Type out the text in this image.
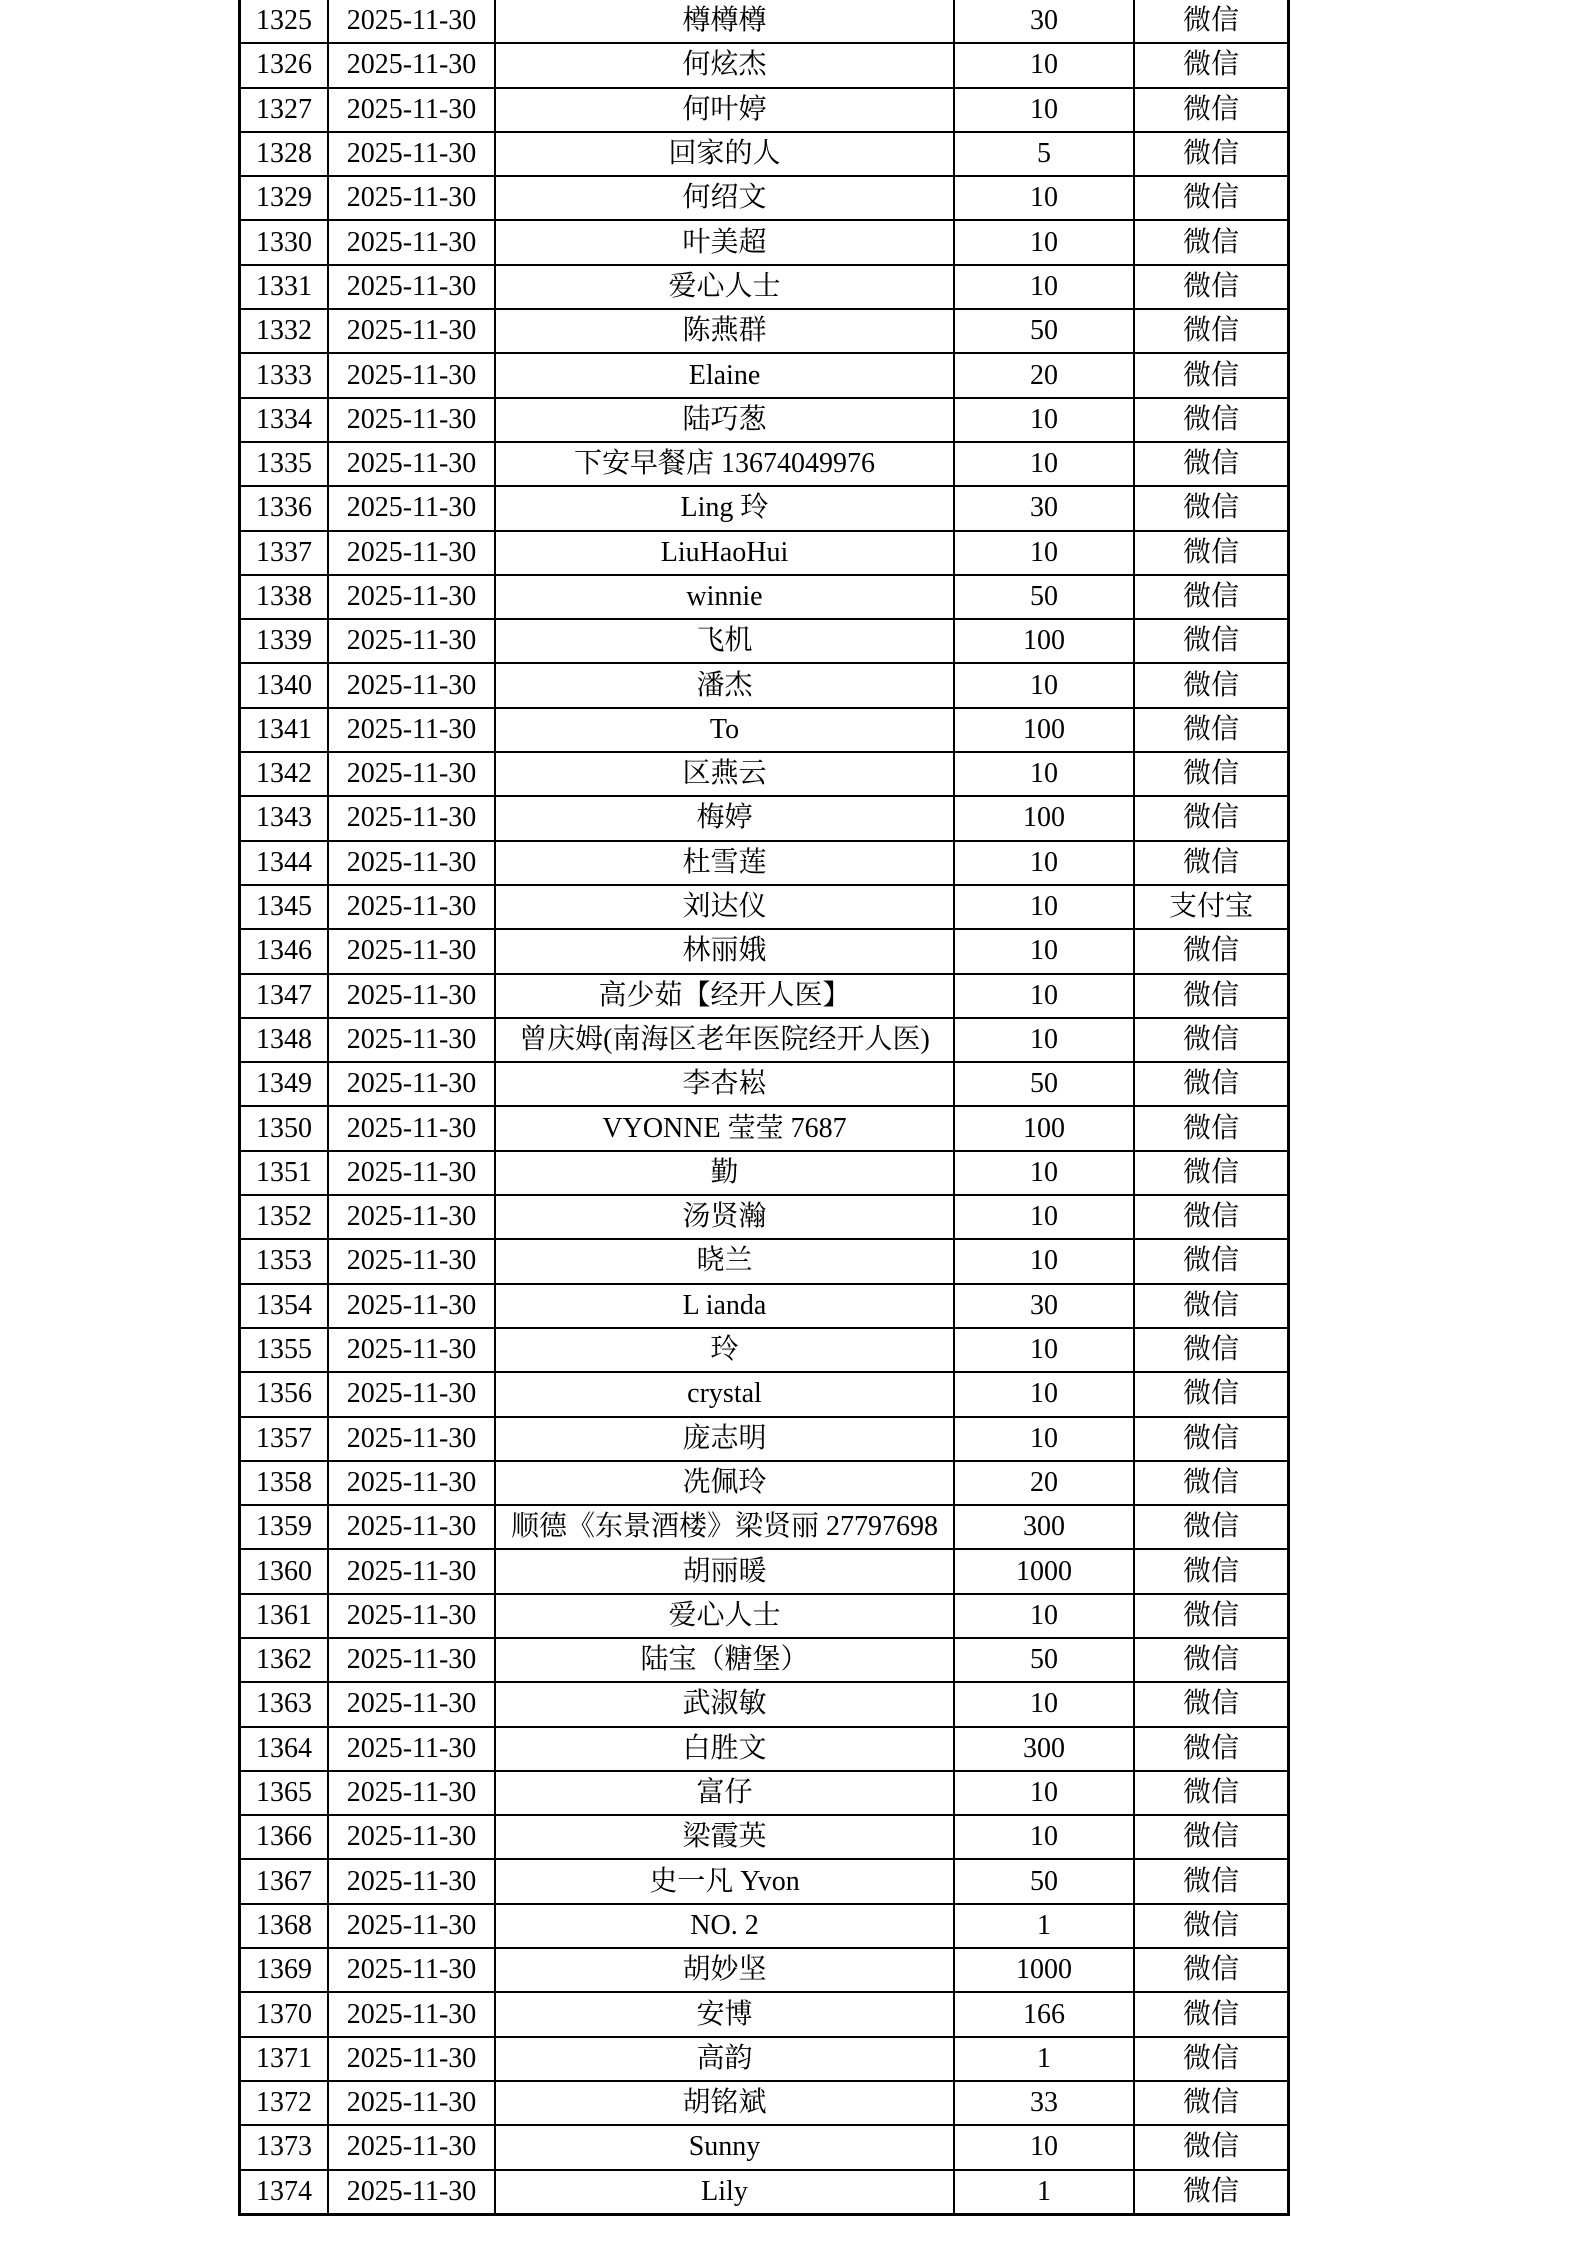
1325	2025-11-30	樽樽樽	30	微信
1326	2025-11-30	何炫杰	10	微信
1327	2025-11-30	何叶婷	10	微信
1328	2025-11-30	回家的人	5	微信
1329	2025-11-30	何绍文	10	微信
1330	2025-11-30	叶美超	10	微信
1331	2025-11-30	爱心人士	10	微信
1332	2025-11-30	陈燕群	50	微信
1333	2025-11-30	Elaine	20	微信
1334	2025-11-30	陆巧葱	10	微信
1335	2025-11-30	下安早餐店 13674049976	10	微信
1336	2025-11-30	Ling 玲	30	微信
1337	2025-11-30	LiuHaoHui	10	微信
1338	2025-11-30	winnie	50	微信
1339	2025-11-30	飞机	100	微信
1340	2025-11-30	潘杰	10	微信
1341	2025-11-30	To	100	微信
1342	2025-11-30	区燕云	10	微信
1343	2025-11-30	梅婷	100	微信
1344	2025-11-30	杜雪莲	10	微信
1345	2025-11-30	刘达仪	10	支付宝
1346	2025-11-30	林丽娥	10	微信
1347	2025-11-30	高少茹【经开人医】	10	微信
1348	2025-11-30	曾庆姆(南海区老年医院经开人医)	10	微信
1349	2025-11-30	李杏崧	50	微信
1350	2025-11-30	VYONNE 莹莹 7687	100	微信
1351	2025-11-30	勤	10	微信
1352	2025-11-30	汤贤瀚	10	微信
1353	2025-11-30	晓兰	10	微信
1354	2025-11-30	L ianda	30	微信
1355	2025-11-30	玲	10	微信
1356	2025-11-30	crystal	10	微信
1357	2025-11-30	庞志明	10	微信
1358	2025-11-30	冼佩玲	20	微信
1359	2025-11-30	顺德《东景酒楼》梁贤丽 27797698	300	微信
1360	2025-11-30	胡丽暖	1000	微信
1361	2025-11-30	爱心人士	10	微信
1362	2025-11-30	陆宝（糖堡）	50	微信
1363	2025-11-30	武淑敏	10	微信
1364	2025-11-30	白胜文	300	微信
1365	2025-11-30	富仔	10	微信
1366	2025-11-30	梁霞英	10	微信
1367	2025-11-30	史一凡 Yvon	50	微信
1368	2025-11-30	NO. 2	1	微信
1369	2025-11-30	胡妙坚	1000	微信
1370	2025-11-30	安博	166	微信
1371	2025-11-30	高韵	1	微信
1372	2025-11-30	胡铭斌	33	微信
1373	2025-11-30	Sunny	10	微信
1374	2025-11-30	Lily	1	微信
